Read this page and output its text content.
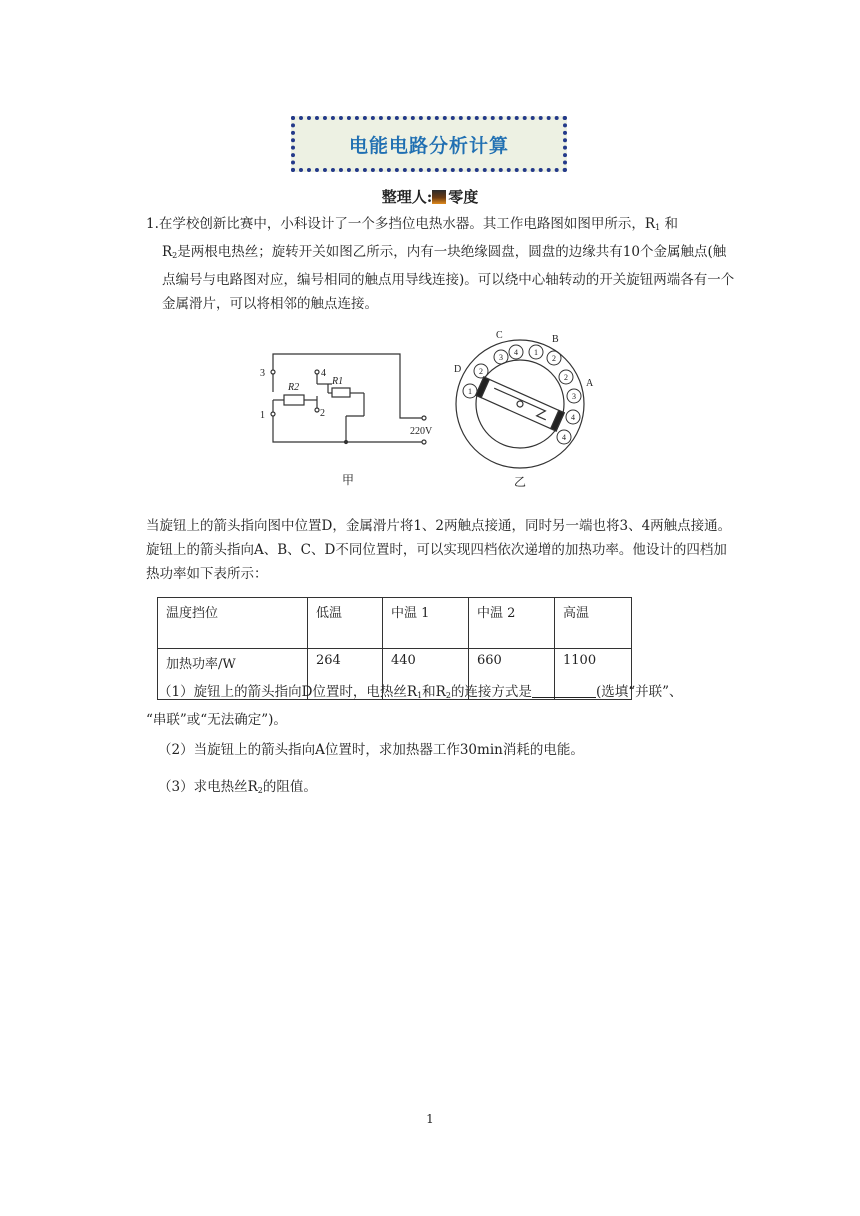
电能电路分析计算
整理人: 零度
1.在学校创新比赛中，小科设计了一个多挡位电热水器。其工作电路图如图甲所示，$R_1$ 和
$R_2$是两根电热丝；旋转开关如图乙所示，内有一块绝缘圆盘，圆盘的边缘共有10个金属触点(触点编号与电路图对应，编号相同的触点用导线连接)。可以绕中心轴转动的开关旋钮两端各有一个金属滑片，可以将相邻的触点连接。
3	4
1	2
R2
R1
220V
甲
C	B
D
A
3
4 1
2
2
2
1
3
4
4
乙
当旋钮上的箭头指向图中位置D，金属滑片将1、2两触点接通，同时另一端也将3、4两触点接通。旋钮上的箭头指向A、B、C、D不同位置时，可以实现四档依次递增的加热功率。他设计的四档加热功率如下表所示：
温度挡位	低温	中温 1	中温 2	高温
加热功率/W	264	440	660	1100
（1）旋钮上的箭头指向D位置时，电热丝$R_1$和$R_2$的连接方式是	(选填“并联”、
“串联”或“无法确定”)。
（2）当旋钮上的箭头指向A位置时，求加热器工作30min消耗的电能。
（3）求电热丝$R_2$的阻值。
1
